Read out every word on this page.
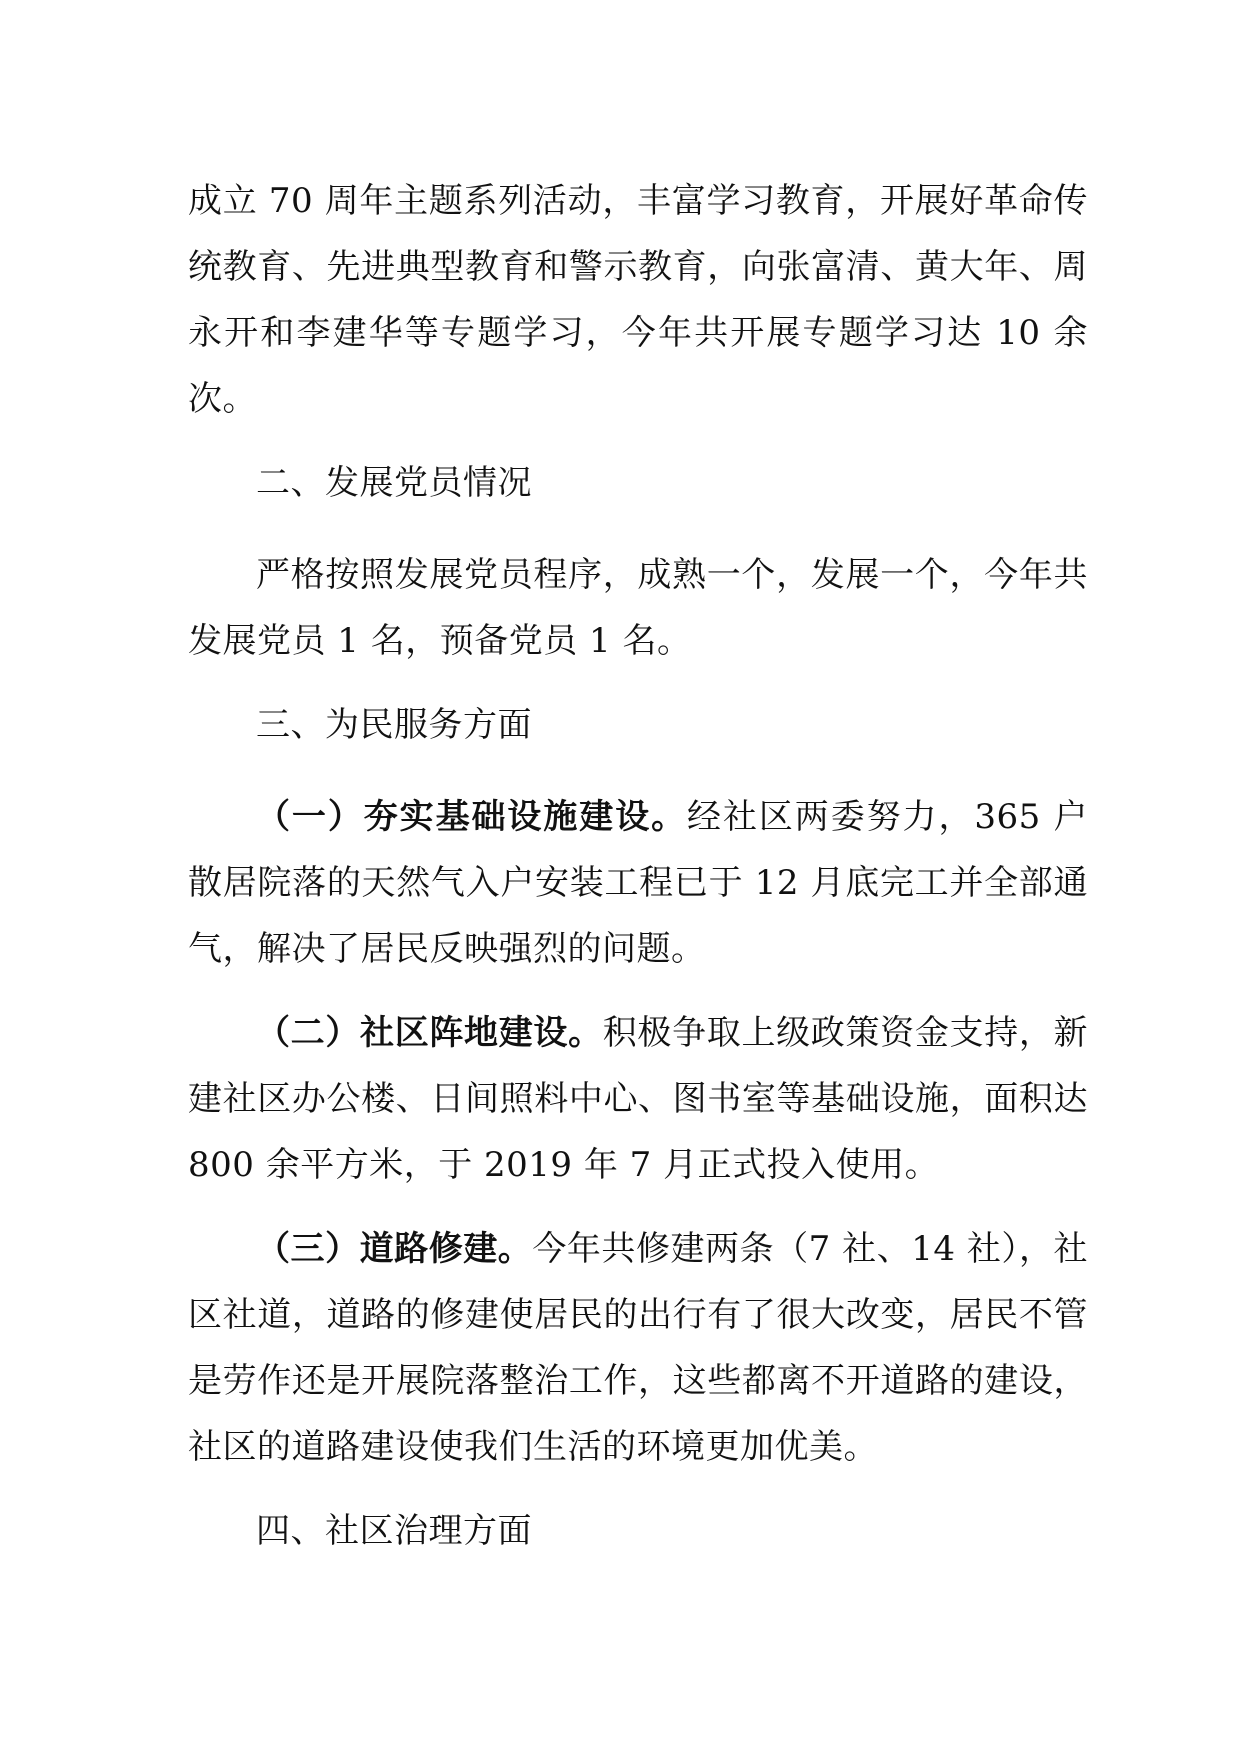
成立 70 周年主题系列活动，丰富学习教育，开展好革命传统教育、先进典型教育和警示教育，向张富清、黄大年、周永开和李建华等专题学习，今年共开展专题学习达 10 余次。

二、发展党员情况

严格按照发展党员程序，成熟一个，发展一个，今年共发展党员 1 名，预备党员 1 名。

三、为民服务方面

（一）夯实基础设施建设。经社区两委努力，365 户散居院落的天然气入户安装工程已于 12 月底完工并全部通气，解决了居民反映强烈的问题。

（二）社区阵地建设。积极争取上级政策资金支持，新建社区办公楼、日间照料中心、图书室等基础设施，面积达 800 余平方米，于 2019 年 7 月正式投入使用。

（三）道路修建。今年共修建两条（7 社、14 社），社区社道，道路的修建使居民的出行有了很大改变，居民不管是劳作还是开展院落整治工作，这些都离不开道路的建设，社区的道路建设使我们生活的环境更加优美。

四、社区治理方面
